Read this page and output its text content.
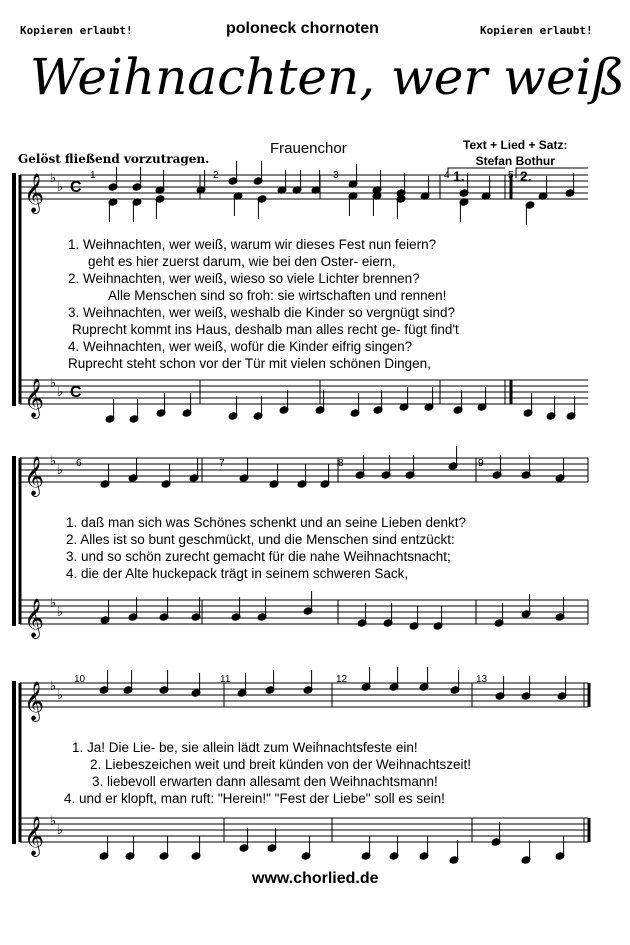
Kopieren erlaubt!	poloneck chornoten	Kopieren erlaubt!
Weihnachten, wer weiß
Frauenchor	Text + Lied + Satz:
Stefan Bothur
Gelöst fließend vorzutragen.
𝄞 ♭
♭ C
𝄞 ♭
♭ C
1.	2.
1	2	3	4	5
𝄞 ♭
♭
𝄞 ♭
♭
6	7	8	9
𝄞 ♭
♭
𝄞 ♭
♭
10	11	12	13
1. Weihnachten, wer weiß, warum wir dieses Fest nun feiern?
geht es hier zuerst darum, wie bei den Oster- eiern,
2. Weihnachten, wer weiß, wieso so viele Lichter brennen?
Alle Menschen sind so froh: sie wirtschaften und rennen!
3. Weihnachten, wer weiß, weshalb die Kinder so vergnügt sind?
Ruprecht kommt ins Haus, deshalb man alles recht ge- fügt find't
4. Weihnachten, wer weiß, wofür die Kinder eifrig singen?
Ruprecht steht schon vor der Tür mit vielen schönen Dingen,
1. daß man sich was Schönes schenkt und an seine Lieben denkt?
2. Alles ist so bunt geschmückt, und die Menschen sind entzückt:
3. und so schön zurecht gemacht für die nahe Weihnachtsnacht;
4. die der Alte huckepack trägt in seinem schweren Sack,
1. Ja! Die Lie- be, sie allein lädt zum Weihnachtsfeste ein!
2. Liebeszeichen weit und breit künden von der Weihnachtszeit!
3. liebevoll erwarten dann allesamt den Weihnachtsmann!
4. und er klopft, man ruft: "Herein!" "Fest der Liebe" soll es sein!
www.chorlied.de
